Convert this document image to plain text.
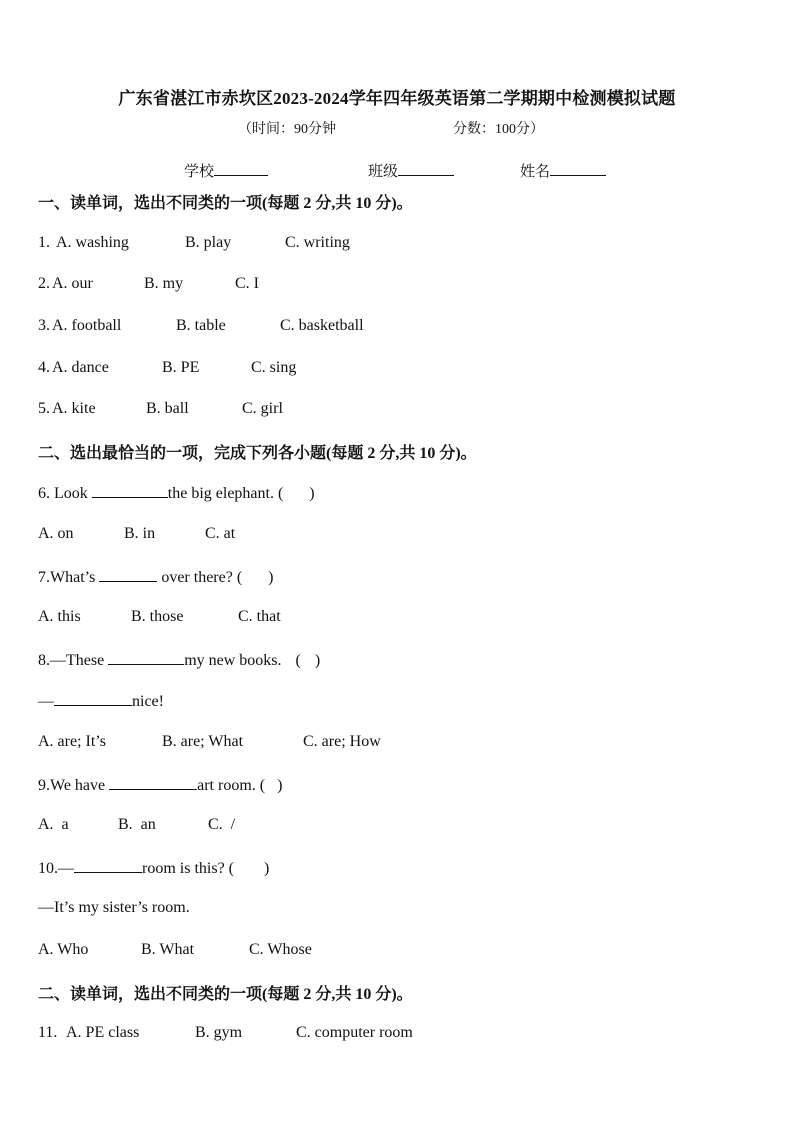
广东省湛江市赤坎区2023-2024学年四年级英语第二学期期中检测模拟试题
（时间：90分钟	分数：100分）
学校	班级	姓名
一、读单词，选出不同类的一项(每题 2 分,共 10 分)。
1. A. washing	B. play	C. writing
2. A. our	B. my	C. I
3. A. football	B. table	C. basketball
4. A. dance	B. PE	C. sing
5. A. kite	B. ball	C. girl
二、选出最恰当的一项，完成下列各小题(每题 2 分,共 10 分)。
6. Look	the big elephant. ( )
A. on	B. in	C. at
7.What’s	over there? ( )
A. this	B. those	C. that
8.—These	my new books. ( )
—	nice!
A. are; It’s	B. are; What	C. are; How
9.We have	art room. ( )
A.  a	B.  an	C.  /
10.—	room is this? ( )
—It’s my sister’s room.
A. Who	B. What	C. Whose
二、读单词，选出不同类的一项(每题 2 分,共 10 分)。
11. A. PE class	B. gym	C. computer room
